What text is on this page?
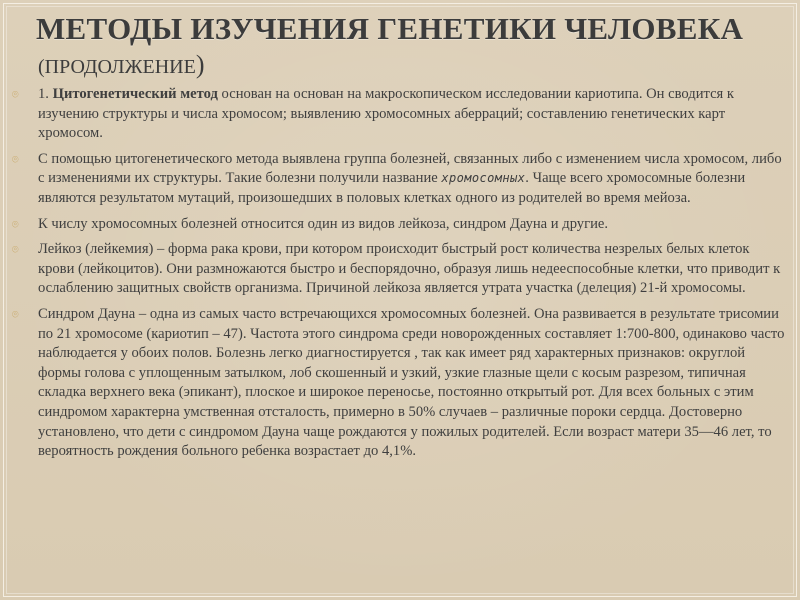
МЕТОДЫ ИЗУЧЕНИЯ ГЕНЕТИКИ ЧЕЛОВЕКА
(ПРОДОЛЖЕНИЕ)

⌾ 1. Цитогенетический метод основан на основан на макроскопическом исследовании кариотипа. Он сводится к изучению структуры и числа хромосом; выявлению хромосомных аберраций; составлению генетических карт хромосом.

⌾ С помощью цитогенетического метода выявлена группа болезней, связанных либо с изменением числа хромосом, либо с изменениями их структуры. Такие болезни получили название хромосомных. Чаще всего хромосомные болезни являются результатом мутаций, произошедших в половых клетках одного из родителей во время мейоза.

⌾ К числу хромосомных болезней относится один из видов лейкоза, синдром Дауна и другие.

⌾ Лейкоз (лейкемия) – форма рака крови, при котором происходит быстрый рост количества незрелых белых клеток крови (лейкоцитов). Они размножаются быстро и беспорядочно, образуя лишь недееспособные клетки, что приводит к ослаблению защитных свойств организма. Причиной лейкоза является утрата участка (делеция) 21-й хромосомы.

⌾ Синдром Дауна – одна из самых часто встречающихся хромосомных болезней. Она развивается в результате трисомии по 21 хромосоме (кариотип – 47). Частота этого синдрома среди новорожденных составляет 1:700-800, одинаково часто наблюдается у обоих полов. Болезнь легко диагностируется , так как имеет ряд характерных признаков: округлой формы голова с уплощенным затылком, лоб скошенный и узкий, узкие глазные щели с косым разрезом, типичная складка верхнего века (эпикант), плоское и широкое переносье, постоянно открытый рот. Для всех больных с этим синдромом характерна умственная отсталость, примерно в 50% случаев – различные пороки сердца. Достоверно установлено, что дети с синдромом Дауна чаще рождаются у пожилых родителей. Если возраст матери 35—46 лет, то вероятность рождения больного ребенка возрастает до 4,1%.
